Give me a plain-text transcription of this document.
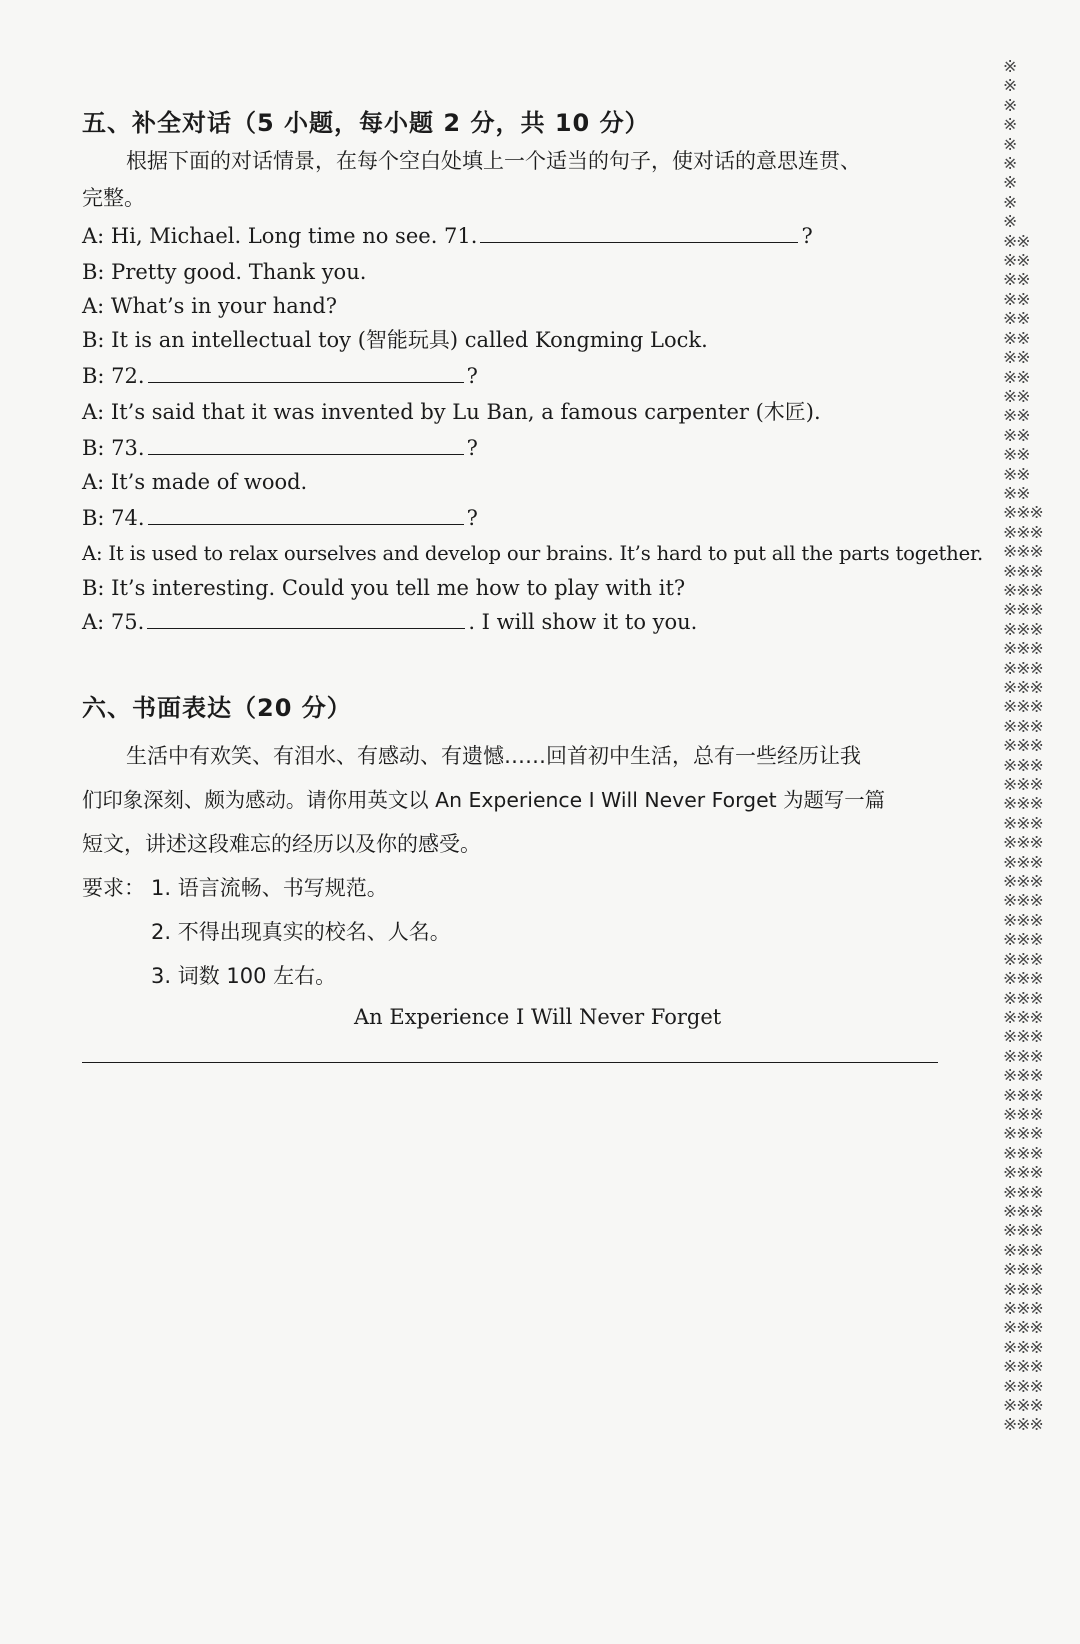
五、补全对话（5 小题，每小题 2 分，共 10 分）
根据下面的对话情景，在每个空白处填上一个适当的句子，使对话的意思连贯、
完整。
A: Hi, Michael. Long time no see. 71.	?
B: Pretty good. Thank you.
A: What’s in your hand?
B: It is an intellectual toy (智能玩具) called Kongming Lock.
B: 72.	?
A: It’s said that it was invented by Lu Ban, a famous carpenter (木匠).
B: 73.	?
A: It’s made of wood.
B: 74.	?
A: It is used to relax ourselves and develop our brains. It’s hard to put all the parts together.
B: It’s interesting. Could you tell me how to play with it?
A: 75.	. I will show it to you.
六、书面表达（20 分）
生活中有欢笑、有泪水、有感动、有遗憾……回首初中生活，总有一些经历让我
们印象深刻、颇为感动。请你用英文以 An Experience I Will Never Forget 为题写一篇
短文，讲述这段难忘的经历以及你的感受。
要求： 1. 语言流畅、书写规范。
2. 不得出现真实的校名、人名。
3. 词数 100 左右。
An Experience I Will Never Forget
※
※
※
※
※
※
※
※
※
※※
※※
※※
※※
※※
※※
※※
※※
※※
※※
※※
※※
※※
※※
※※※
※※※
※※※
※※※
※※※
※※※
※※※
※※※
※※※
※※※
※※※
※※※
※※※
※※※
※※※
※※※
※※※
※※※
※※※
※※※
※※※
※※※
※※※
※※※
※※※
※※※
※※※
※※※
※※※
※※※
※※※
※※※
※※※
※※※
※※※
※※※
※※※
※※※
※※※
※※※
※※※
※※※
※※※
※※※
※※※
※※※
※※※
※※※
